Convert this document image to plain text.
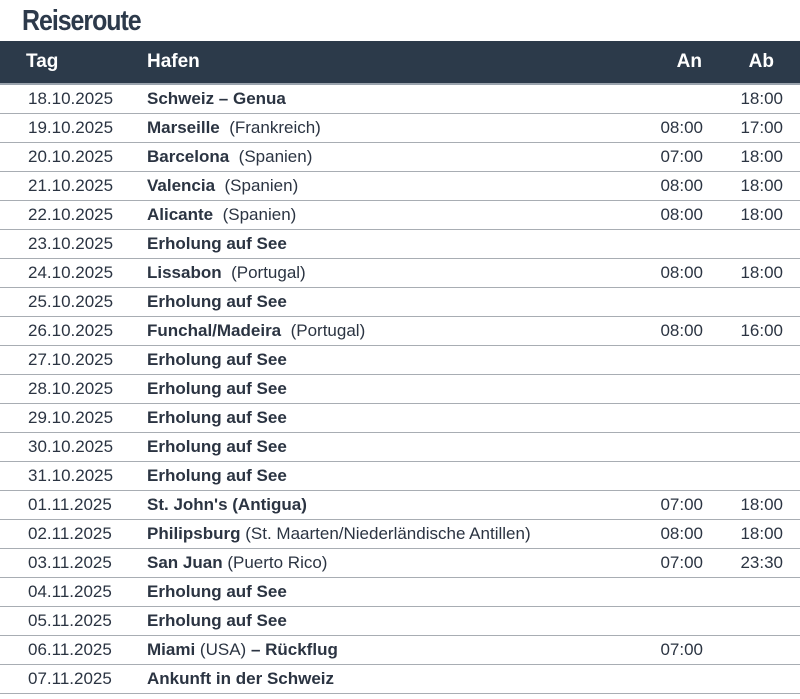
Reiseroute
Tag	Hafen	An	Ab
18.10.2025	Schweiz – Genua		18:00
19.10.2025	Marseille (Frankreich)	08:00	17:00
20.10.2025	Barcelona (Spanien)	07:00	18:00
21.10.2025	Valencia (Spanien)	08:00	18:00
22.10.2025	Alicante (Spanien)	08:00	18:00
23.10.2025	Erholung auf See		
24.10.2025	Lissabon (Portugal)	08:00	18:00
25.10.2025	Erholung auf See		
26.10.2025	Funchal/Madeira (Portugal)	08:00	16:00
27.10.2025	Erholung auf See		
28.10.2025	Erholung auf See		
29.10.2025	Erholung auf See		
30.10.2025	Erholung auf See		
31.10.2025	Erholung auf See		
01.11.2025	St. John's (Antigua)	07:00	18:00
02.11.2025	Philipsburg (St. Maarten/Niederländische Antillen)	08:00	18:00
03.11.2025	San Juan (Puerto Rico)	07:00	23:30
04.11.2025	Erholung auf See		
05.11.2025	Erholung auf See		
06.11.2025	Miami (USA) – Rückflug	07:00	
07.11.2025	Ankunft in der Schweiz		
